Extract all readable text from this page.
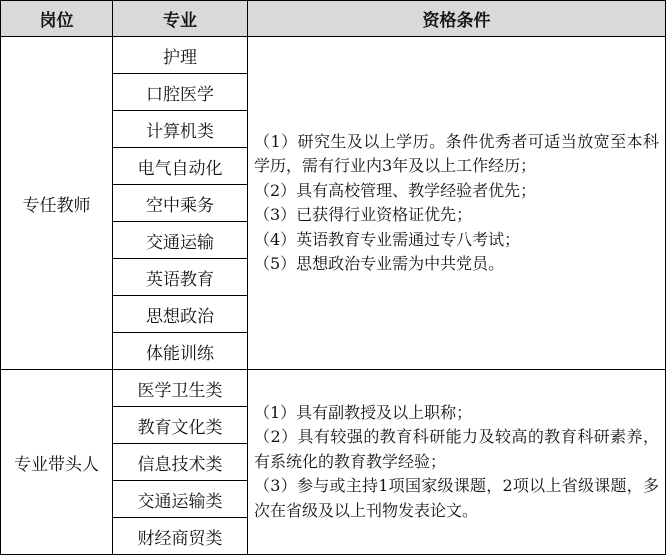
岗位	专业	资格条件
专任教师	护理	（1）研究生及以上学历。条件优秀者可适当放宽至本科学历，需有行业内3年及以上工作经历；
（2）具有高校管理、教学经验者优先；
（3）已获得行业资格证优先；
（4）英语教育专业需通过专八考试；
（5）思想政治专业需为中共党员。

	口腔医学	
	计算机类	
	电气自动化	
	空中乘务	
	交通运输	
	英语教育	
	思想政治	
	体能训练	
专业带头人	医学卫生类	（1）具有副教授及以上职称；
（2）具有较强的教育科研能力及较高的教育科研素养，有系统化的教育教学经验；
（3）参与或主持1项国家级课题，2项以上省级课题，多次在省级及以上刊物发表论文。

	教育文化类	
	信息技术类	
	交通运输类	
	财经商贸类	
